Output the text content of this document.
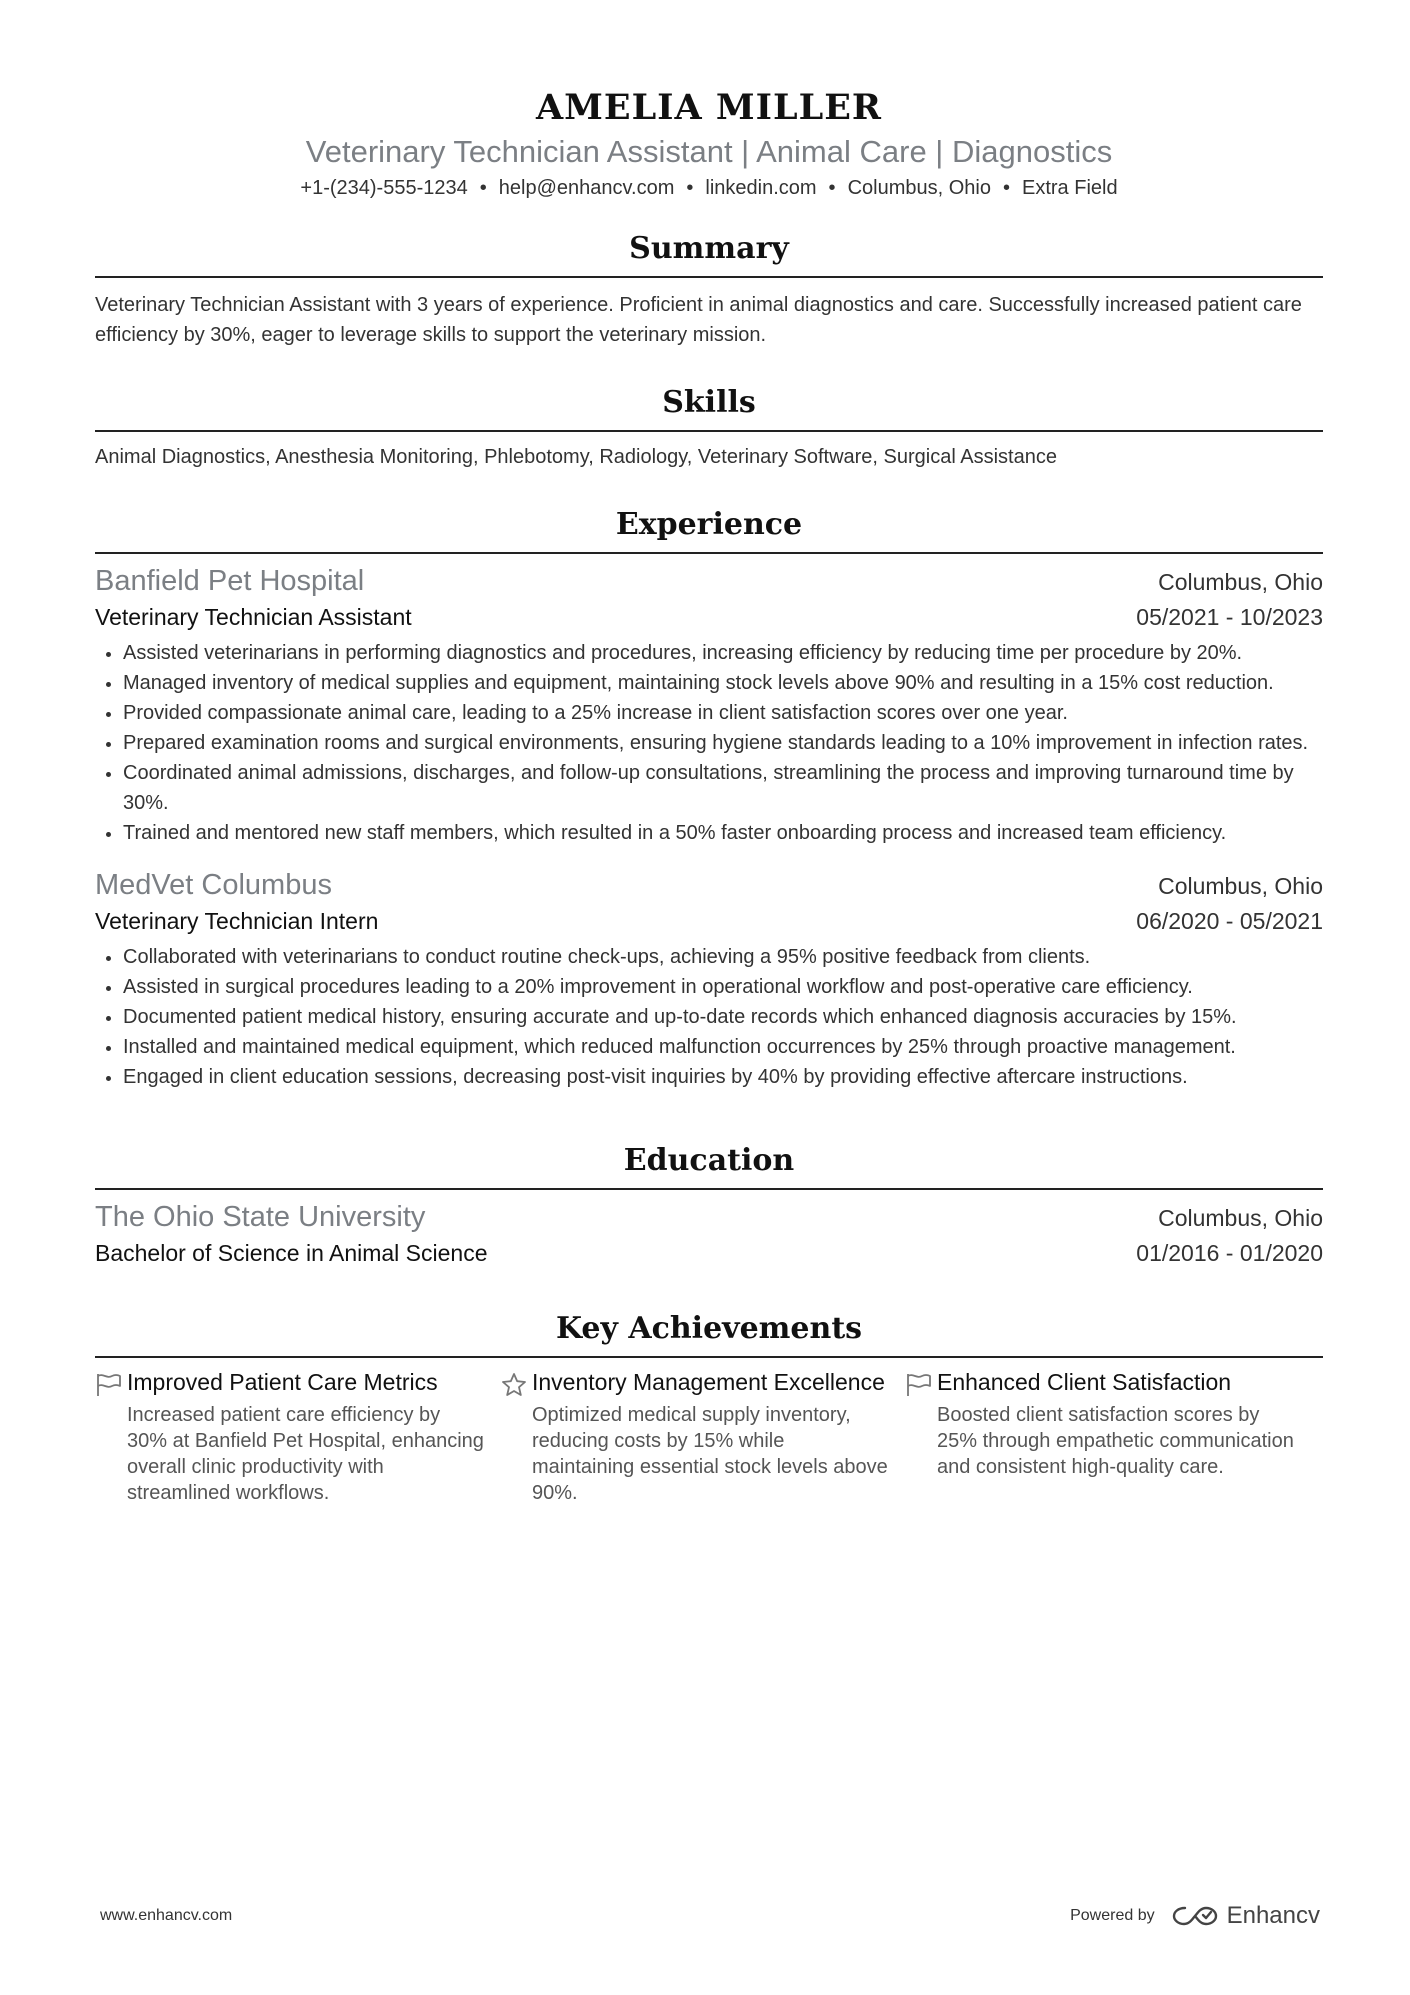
AMELIA MILLER
Veterinary Technician Assistant | Animal Care | Diagnostics
+1-(234)-555-1234 • help@enhancv.com • linkedin.com • Columbus, Ohio • Extra Field
Summary
Veterinary Technician Assistant with 3 years of experience. Proficient in animal diagnostics and care. Successfully increased patient care efficiency by 30%, eager to leverage skills to support the veterinary mission.
Skills
Animal Diagnostics, Anesthesia Monitoring, Phlebotomy, Radiology, Veterinary Software, Surgical Assistance
Experience
Banfield Pet Hospital	Columbus, Ohio
Veterinary Technician Assistant	05/2021 - 10/2023
• Assisted veterinarians in performing diagnostics and procedures, increasing efficiency by reducing time per procedure by 20%.
• Managed inventory of medical supplies and equipment, maintaining stock levels above 90% and resulting in a 15% cost reduction.
• Provided compassionate animal care, leading to a 25% increase in client satisfaction scores over one year.
• Prepared examination rooms and surgical environments, ensuring hygiene standards leading to a 10% improvement in infection rates.
• Coordinated animal admissions, discharges, and follow-up consultations, streamlining the process and improving turnaround time by 30%.
• Trained and mentored new staff members, which resulted in a 50% faster onboarding process and increased team efficiency.
MedVet Columbus	Columbus, Ohio
Veterinary Technician Intern	06/2020 - 05/2021
• Collaborated with veterinarians to conduct routine check-ups, achieving a 95% positive feedback from clients.
• Assisted in surgical procedures leading to a 20% improvement in operational workflow and post-operative care efficiency.
• Documented patient medical history, ensuring accurate and up-to-date records which enhanced diagnosis accuracies by 15%.
• Installed and maintained medical equipment, which reduced malfunction occurrences by 25% through proactive management.
• Engaged in client education sessions, decreasing post-visit inquiries by 40% by providing effective aftercare instructions.
Education
The Ohio State University	Columbus, Ohio
Bachelor of Science in Animal Science	01/2016 - 01/2020
Key Achievements
Improved Patient Care Metrics
Increased patient care efficiency by 30% at Banfield Pet Hospital, enhancing overall clinic productivity with streamlined workflows.
Inventory Management Excellence
Optimized medical supply inventory, reducing costs by 15% while maintaining essential stock levels above 90%.
Enhanced Client Satisfaction
Boosted client satisfaction scores by 25% through empathetic communication and consistent high-quality care.
www.enhancv.com	Powered by	Enhancv
